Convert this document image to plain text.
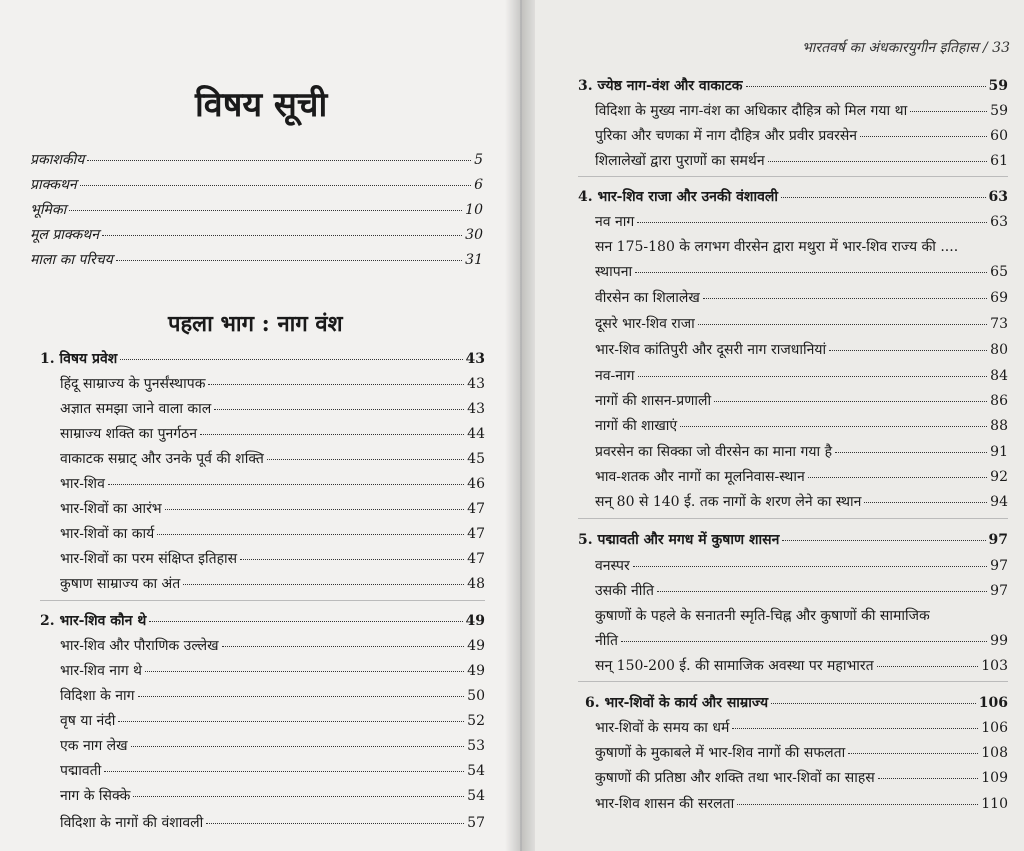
विषय सूची
प्रकाशकीय	5
प्राक्कथन	6
भूमिका	10
मूल प्राक्कथन	30
माला का परिचय	31
पहला भाग : नाग वंश
1. विषय प्रवेश	43
हिंदू साम्राज्य के पुनर्संस्थापक	43
अज्ञात समझा जाने वाला काल	43
साम्राज्य शक्ति का पुनर्गठन	44
वाकाटक सम्राट् और उनके पूर्व की शक्ति	45
भार-शिव	46
भार-शिवों का आरंभ	47
भार-शिवों का कार्य	47
भार-शिवों का परम संक्षिप्त इतिहास	47
कुषाण साम्राज्य का अंत	48
2. भार-शिव कौन थे	49
भार-शिव और पौराणिक उल्लेख	49
भार-शिव नाग थे	49
विदिशा के नाग	50
वृष या नंदी	52
एक नाग लेख	53
पद्मावती	54
नाग के सिक्के	54
विदिशा के नागों की वंशावली	57
भारतवर्ष का अंधकारयुगीन इतिहास / 33
3. ज्येष्ठ नाग-वंश और वाकाटक	59
विदिशा के मुख्य नाग-वंश का अधिकार दौहित्र को मिल गया था	59
पुरिका और चणका में नाग दौहित्र और प्रवीर प्रवरसेन	60
शिलालेखों द्वारा पुराणों का समर्थन	61
4. भार-शिव राजा और उनकी वंशावली	63
नव नाग	63
सन 175-180 के लगभग वीरसेन द्वारा मथुरा में भार-शिव राज्य की ....
स्थापना	65
वीरसेन का शिलालेख	69
दूसरे भार-शिव राजा	73
भार-शिव कांतिपुरी और दूसरी नाग राजधानियां	80
नव-नाग	84
नागों की शासन-प्रणाली	86
नागों की शाखाएं	88
प्रवरसेन का सिक्का जो वीरसेन का माना गया है	91
भाव-शतक और नागों का मूलनिवास-स्थान	92
सन् 80 से 140 ई. तक नागों के शरण लेने का स्थान	94
5. पद्मावती और मगध में कुषाण शासन	97
वनस्पर	97
उसकी नीति	97
कुषाणों के पहले के सनातनी स्मृति-चिह्न और कुषाणों की सामाजिक
नीति	99
सन् 150-200 ई. की सामाजिक अवस्था पर महाभारत	103
6. भार-शिवों के कार्य और साम्राज्य	106
भार-शिवों के समय का धर्म	106
कुषाणों के मुकाबले में भार-शिव नागों की सफलता	108
कुषाणों की प्रतिष्ठा और शक्ति तथा भार-शिवों का साहस	109
भार-शिव शासन की सरलता	110
